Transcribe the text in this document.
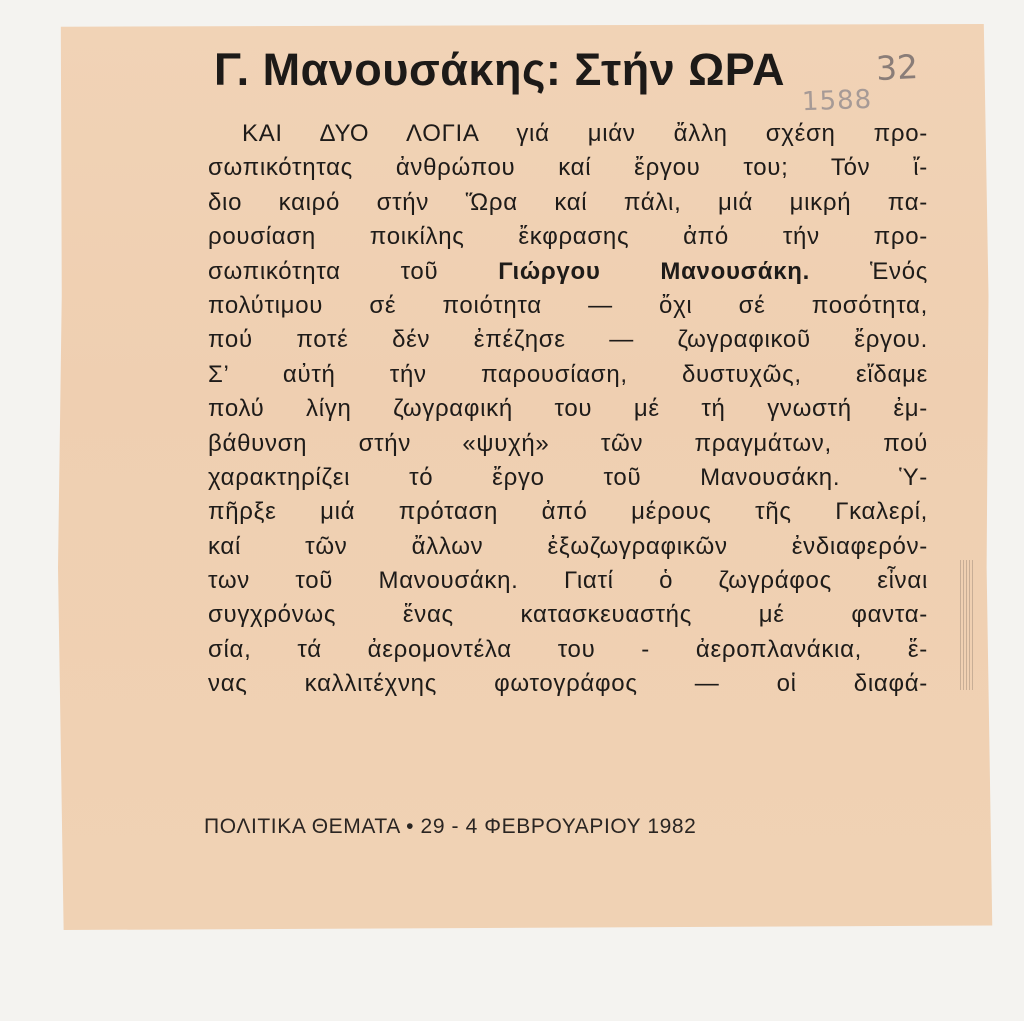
Γ. Μανουσάκης: Στήν ΩΡΑ	32
1588
ΚΑΙ ΔΥΟ ΛΟΓΙΑ γιά μιάν ἄλλη σχέση προ-
σωπικότητας ἀνθρώπου καί ἔργου του; Τόν ἴ-
διο καιρό στήν Ὥρα καί πάλι, μιά μικρή πα-
ρουσίαση ποικίλης ἔκφρασης ἀπό τήν προ-
σωπικότητα τοῦ Γιώργου Μανουσάκη. Ἑνός
πολύτιμου σέ ποιότητα — ὄχι σέ ποσότητα,
πού ποτέ δέν ἐπέζησε — ζωγραφικοῦ ἔργου.
Σ’ αὐτή τήν παρουσίαση, δυστυχῶς, εἴδαμε
πολύ λίγη ζωγραφική του μέ τή γνωστή ἐμ-
βάθυνση στήν «ψυχή» τῶν πραγμάτων, πού
χαρακτηρίζει τό ἔργο τοῦ Μανουσάκη. Ὑ-
πῆρξε μιά πρόταση ἀπό μέρους τῆς Γκαλερί,
καί τῶν ἄλλων ἐξωζωγραφικῶν ἐνδιαφερόν-
των τοῦ Μανουσάκη. Γιατί ὁ ζωγράφος εἶναι
συγχρόνως ἕνας κατασκευαστής μέ φαντα-
σία, τά ἀερομοντέλα του - ἀεροπλανάκια, ἕ-
νας καλλιτέχνης φωτογράφος — οἱ διαφά-
ΠΟΛΙΤΙΚΑ ΘΕΜΑΤΑ • 29 - 4 ΦΕΒΡΟΥΑΡΙΟΥ 1982
